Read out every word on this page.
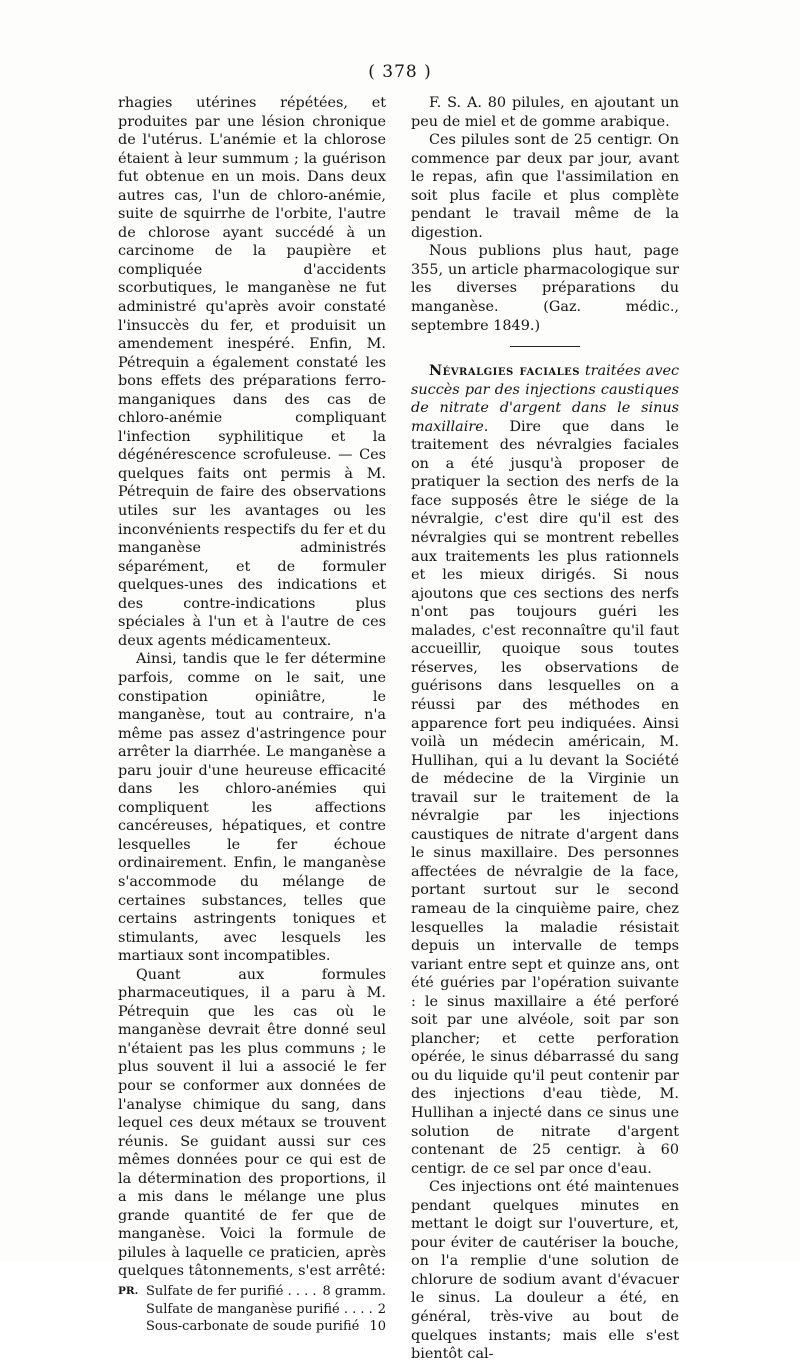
( 378 )

rhagies utérines répétées, et produites par une lésion chronique de l'utérus. L'anémie et la chlorose étaient à leur summum ; la guérison fut obtenue en un mois. Dans deux autres cas, l'un de chloro-anémie, suite de squirrhe de l'orbite, l'autre de chlorose ayant succédé à un carcinome de la paupière et compliquée d'accidents scorbutiques, le manganèse ne fut administré qu'après avoir constaté l'insuccès du fer, et produisit un amendement inespéré. Enfin, M. Pétrequin a également constaté les bons effets des préparations ferro-manganiques dans des cas de chloro-anémie compliquant l'infection syphilitique et la dégénérescence scrofuleuse. — Ces quelques faits ont permis à M. Pétrequin de faire des observations utiles sur les avantages ou les inconvénients respectifs du fer et du manganèse administrés séparément, et de formuler quelques-unes des indications et des contre-indications plus spéciales à l'un et à l'autre de ces deux agents médicamenteux.

Ainsi, tandis que le fer détermine parfois, comme on le sait, une constipation opiniâtre, le manganèse, tout au contraire, n'a même pas assez d'astringence pour arrêter la diarrhée. Le manganèse a paru jouir d'une heureuse efficacité dans les chloro-anémies qui compliquent les affections cancéreuses, hépatiques, et contre lesquelles le fer échoue ordinairement. Enfin, le manganèse s'accommode du mélange de certaines substances, telles que certains astringents toniques et stimulants, avec lesquels les martiaux sont incompatibles.

Quant aux formules pharmaceutiques, il a paru à M. Pétrequin que les cas où le manganèse devrait être donné seul n'étaient pas les plus communs ; le plus souvent il lui a associé le fer pour se conformer aux données de l'analyse chimique du sang, dans lequel ces deux métaux se trouvent réunis. Se guidant aussi sur ces mêmes données pour ce qui est de la détermination des proportions, il a mis dans le mélange une plus grande quantité de fer que de manganèse. Voici la formule de pilules à laquelle ce praticien, après quelques tâtonnements, s'est arrêté:

PR. Sulfate de fer purifié . . .	8 gramm.
Sulfate de manganèse purifié . . .	2
Sous-carbonate de soude purifié . . . 10

F. S. A. 80 pilules, en ajoutant un peu de miel et de gomme arabique.

Ces pilules sont de 25 centigr. On commence par deux par jour, avant le repas, afin que l'assimilation en soit plus facile et plus complète pendant le travail même de la digestion.

Nous publions plus haut, page 355, un article pharmacologique sur les diverses préparations du manganèse. (Gaz. médic., septembre 1849.)

Névralgies faciales traitées avec succès par des injections caustiques de nitrate d'argent dans le sinus maxillaire. Dire que dans le traitement des névralgies faciales on a été jusqu'à proposer de pratiquer la section des nerfs de la face supposés être le siége de la névralgie, c'est dire qu'il est des névralgies qui se montrent rebelles aux traitements les plus rationnels et les mieux dirigés. Si nous ajoutons que ces sections des nerfs n'ont pas toujours guéri les malades, c'est reconnaître qu'il faut accueillir, quoique sous toutes réserves, les observations de guérisons dans lesquelles on a réussi par des méthodes en apparence fort peu indiquées. Ainsi voilà un médecin américain, M. Hullihan, qui a lu devant la Société de médecine de la Virginie un travail sur le traitement de la névralgie par les injections caustiques de nitrate d'argent dans le sinus maxillaire. Des personnes affectées de névralgie de la face, portant surtout sur le second rameau de la cinquième paire, chez lesquelles la maladie résistait depuis un intervalle de temps variant entre sept et quinze ans, ont été guéries par l'opération suivante : le sinus maxillaire a été perforé soit par une alvéole, soit par son plancher; et cette perforation opérée, le sinus débarrassé du sang ou du liquide qu'il peut contenir par des injections d'eau tiède, M. Hullihan a injecté dans ce sinus une solution de nitrate d'argent contenant de 25 centigr. à 60 centigr. de ce sel par once d'eau.

Ces injections ont été maintenues pendant quelques minutes en mettant le doigt sur l'ouverture, et, pour éviter de cautériser la bouche, on l'a remplie d'une solution de chlorure de sodium avant d'évacuer le sinus. La douleur a été, en général, très-vive au bout de quelques instants; mais elle s'est bientôt cal-
